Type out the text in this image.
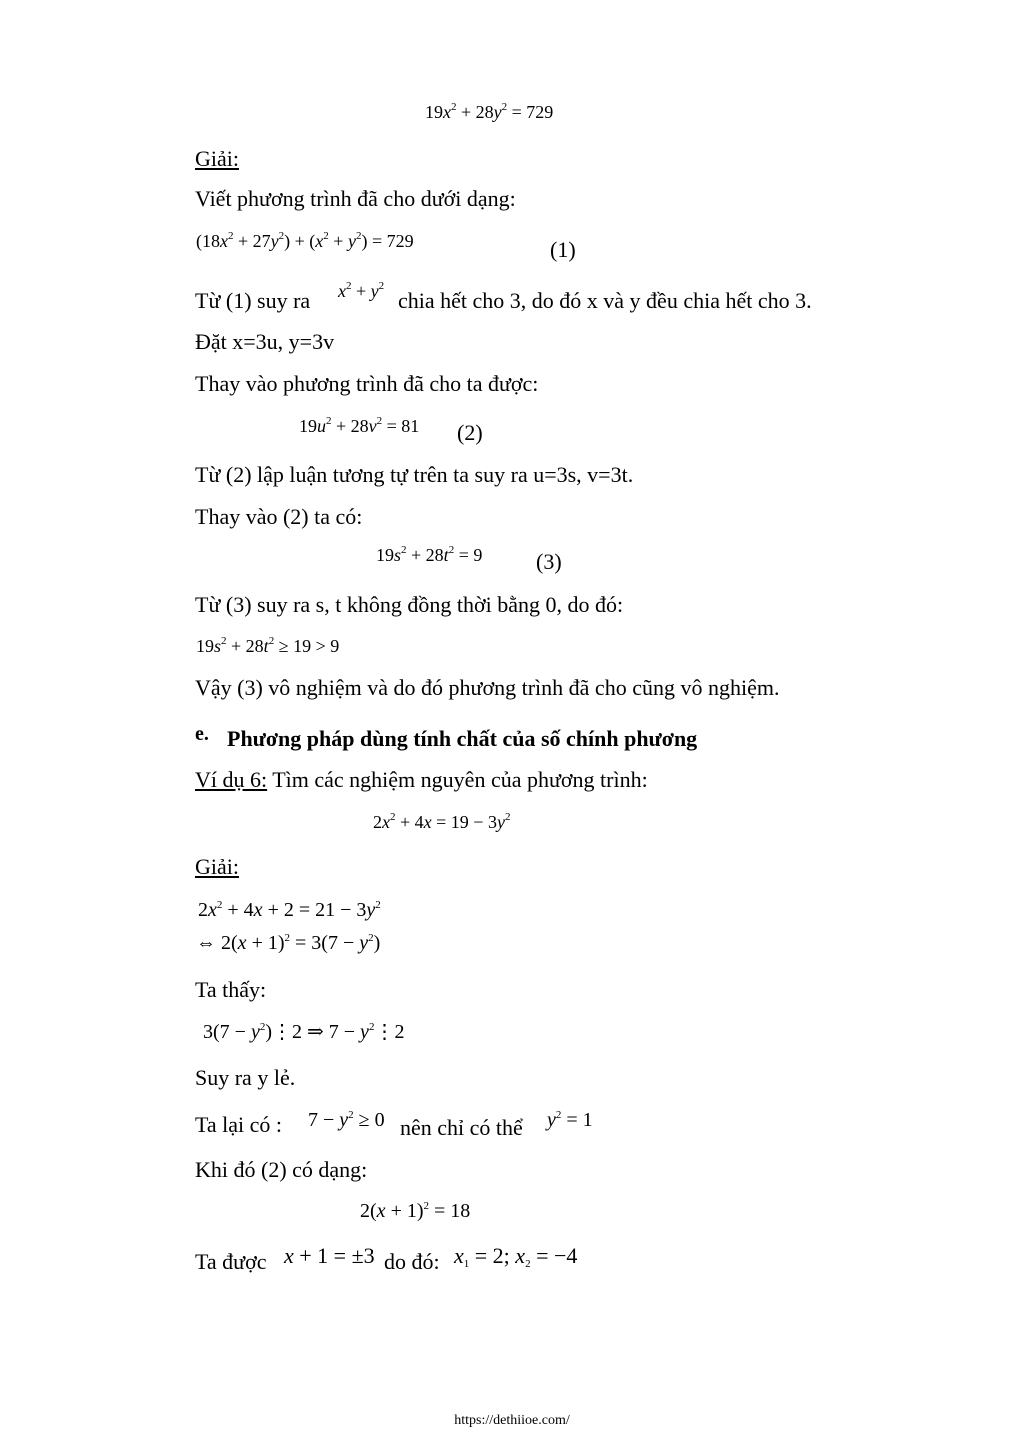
$19x^2 + 28y^2 = 729$
Giải:
Viết phương trình đã cho dưới dạng:
$(18x^2 + 27y^2) + (x^2 + y^2) = 729$	(1)
Từ (1) suy ra $x^2 + y^2$
chia hết cho 3, do đó x và y đều chia hết cho 3.
Đặt x=3u, y=3v
Thay vào phương trình đã cho ta được:
$19u^2 + 28v^2 = 81$ (2)
Từ (2) lập luận tương tự trên ta suy ra u=3s, v=3t.
Thay vào (2) ta có:
$19s^2 + 28t^2 = 9$ (3)
Từ (3) suy ra s, t không đồng thời bằng 0, do đó:
$19s^2 + 28t^2 \ge 19 > 9$
Vậy (3) vô nghiệm và do đó phương trình đã cho cũng vô nghiệm.
e. Phương pháp dùng tính chất của số chính phương
Ví dụ 6: Tìm các nghiệm nguyên của phương trình:
$2x^2 + 4x = 19 - 3y^2$
Giải:
$2x^2 + 4x + 2 = 21 - 3y^2$
⇔ $2(x + 1)^2 = 3(7 - y^2)$
Ta thấy:
$3(7 - y^2)⋮2$ ⇒ $7 - y^2⋮2$
Suy ra y lẻ.
Ta lại có : $7 - y^2 \ge 0$ nên chỉ có thể $y^2 = 1$
Khi đó (2) có dạng:
$2(x + 1)^2 = 18$
Ta được x + 1 = ±3 do đó: $x_1 = 2$; $x_2 = -4$
https://dethiioe.com/
